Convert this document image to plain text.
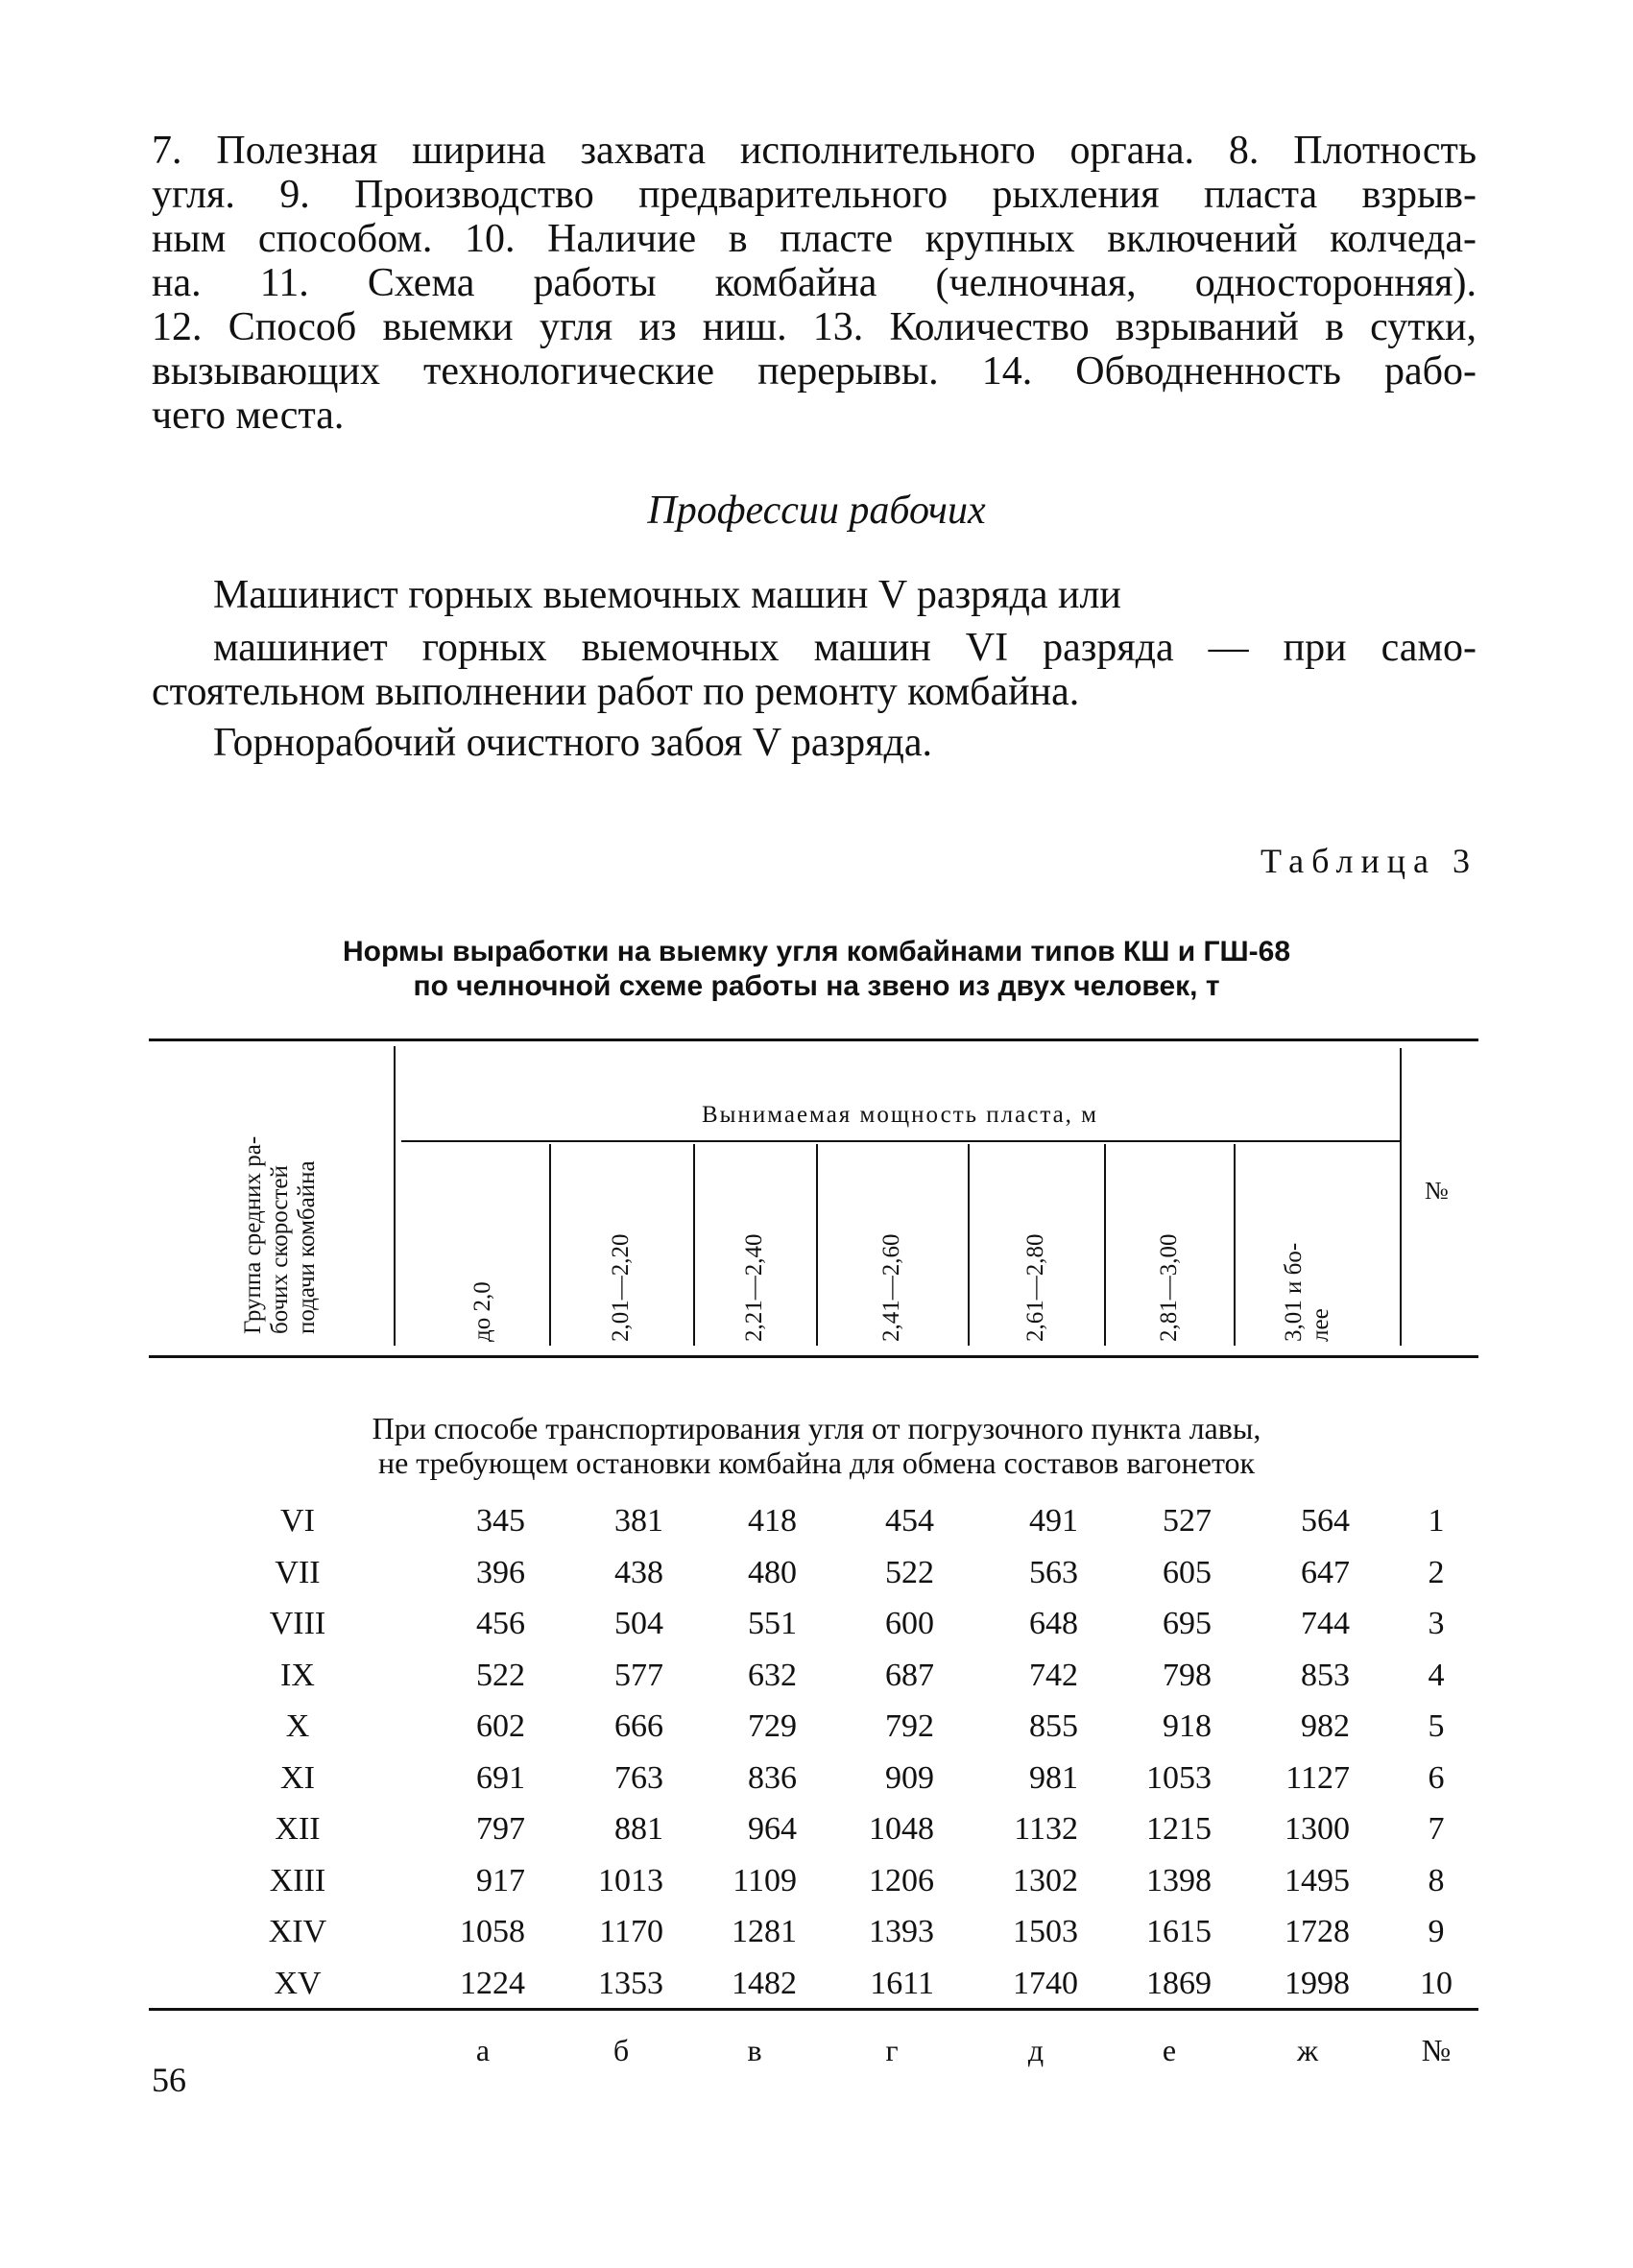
7. Полезная ширина захвата исполнительного органа. 8. Плотность
угля. 9. Производство предварительного рыхления пласта взрыв-
ным способом. 10. Наличие в пласте крупных включений колчеда-
на. 11. Схема работы комбайна (челночная, односторонняя).
12. Способ выемки угля из ниш. 13. Количество взрываний в сутки,
вызывающих технологические перерывы. 14. Обводненность рабо-
чего места.
Профессии рабочих
Машинист горных выемочных машин V разряда или
машиниет горных выемочных машин VI разряда — при само-
стоятельном выполнении работ по ремонту комбайна.
Горнорабочий очистного забоя V разряда.
Таблица 3
Нормы выработки на выемку угля комбайнами типов КШ и ГШ-68
по челночной схеме работы на звено из двух человек, т
Группа средних ра- бочих скоростей подачи комбайна
Вынимаемая мощность пласта, м
до 2,0	2,01—2,20	2,21—2,40	2,41—2,60	2,61—2,80	2,81—3,00	3,01 и бо- лее
№
При способе транспортирования угля от погрузочного пункта лавы,
не требующем остановки комбайна для обмена составов вагонеток
VI	345	381	418	454	491	527	564	1
VII	396	438	480	522	563	605	647	2
VIII	456	504	551	600	648	695	744	3
IX	522	577	632	687	742	798	853	4
X	602	666	729	792	855	918	982	5
XI	691	763	836	909	981	1053	1127	6
XII	797	881	964	1048	1132	1215	1300	7
XIII	917	1013	1109	1206	1302	1398	1495	8
XIV	1058	1170	1281	1393	1503	1615	1728	9
XV	1224	1353	1482	1611	1740	1869	1998	10
а	б	в	г	д	е	ж	№
56
